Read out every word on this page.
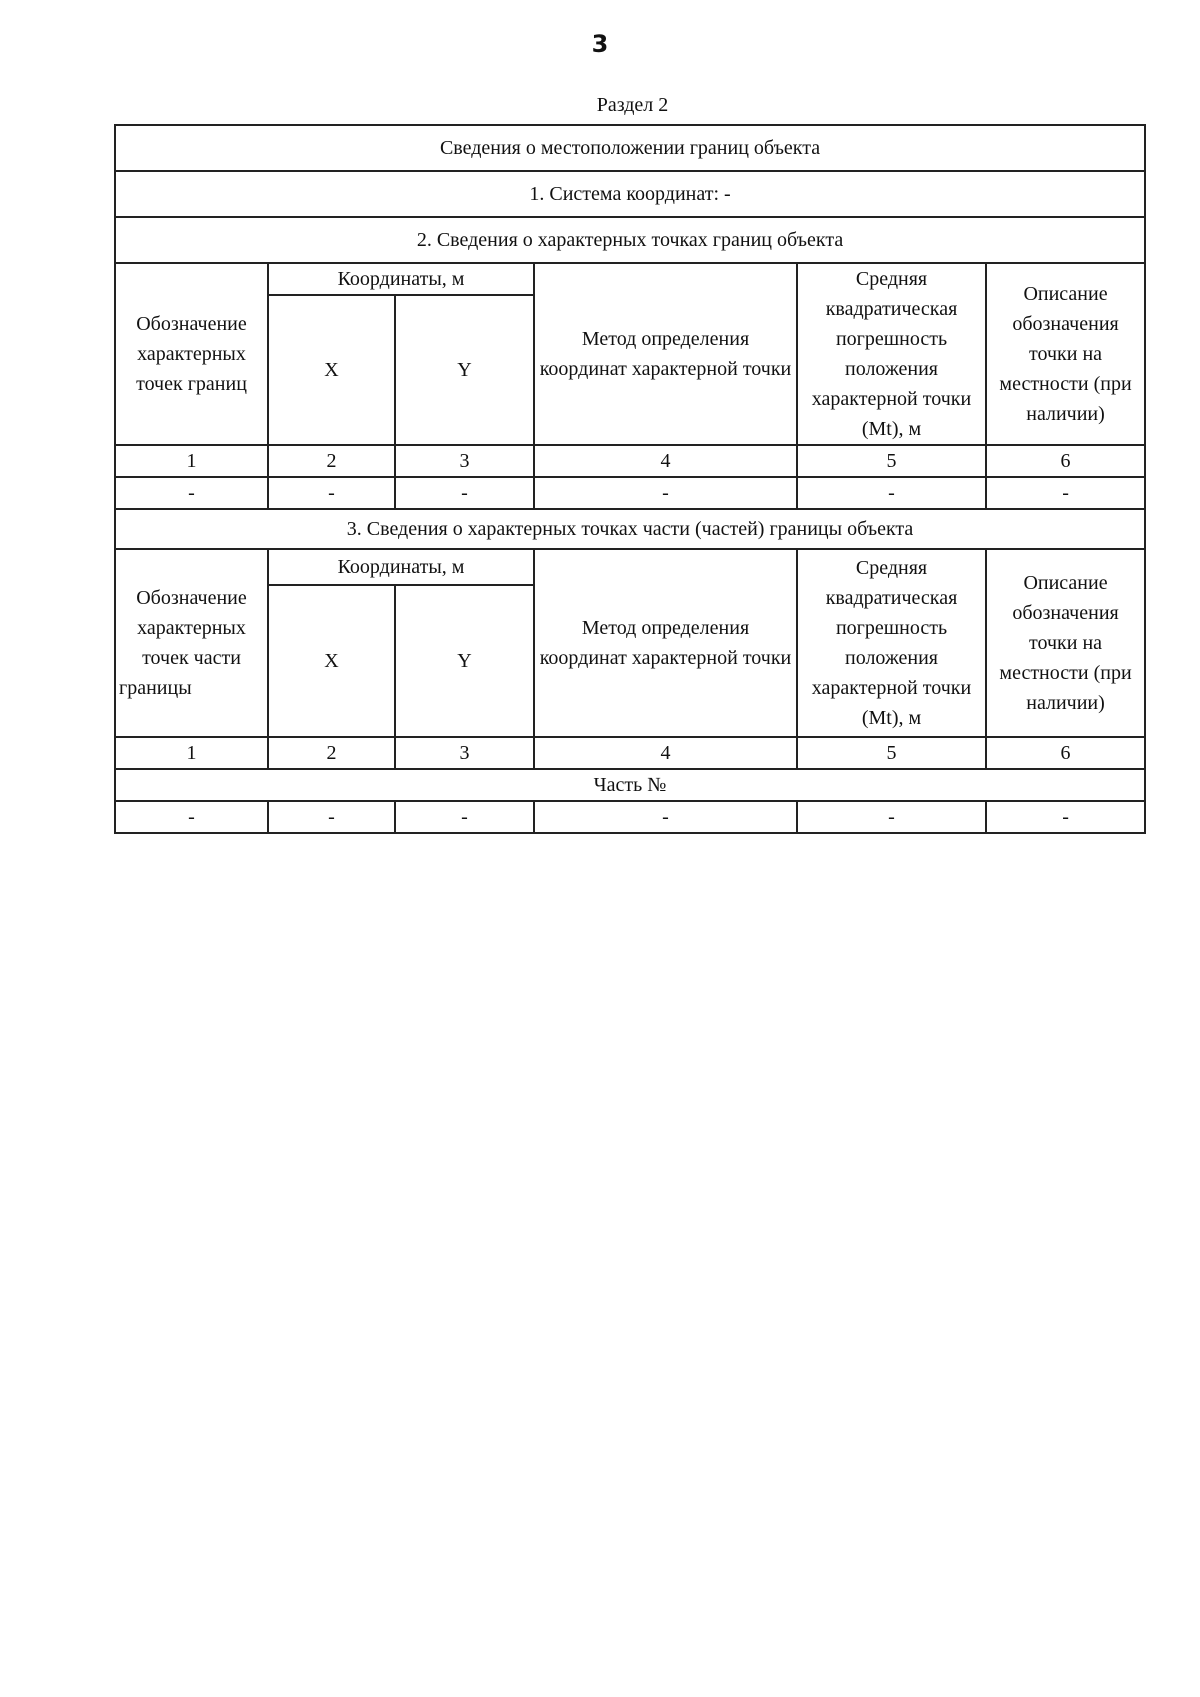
3
Раздел 2
Сведения о местоположении границ объекта					
1. Система координат: -					
2. Сведения о характерных точках границ объекта					
Обозначение характерных точек границ	Координаты, м		Метод определения координат характерной точки	Средняя квадратическая погрешность положения характерной точки (Mt), м	Описание обозначения точки на местности (при наличии)
	X	Y			
1	2	3	4	5	6
-	-	-	-	-	-
3. Сведения о характерных точках части (частей) границы объекта					
Обозначение характерных точек части границы	Координаты, м		Метод определения координат характерной точки	Средняя квадратическая погрешность положения характерной точки (Mt), м	Описание обозначения точки на местности (при наличии)
	X	Y			
1	2	3	4	5	6
Часть №					
-	-	-	-	-	-
